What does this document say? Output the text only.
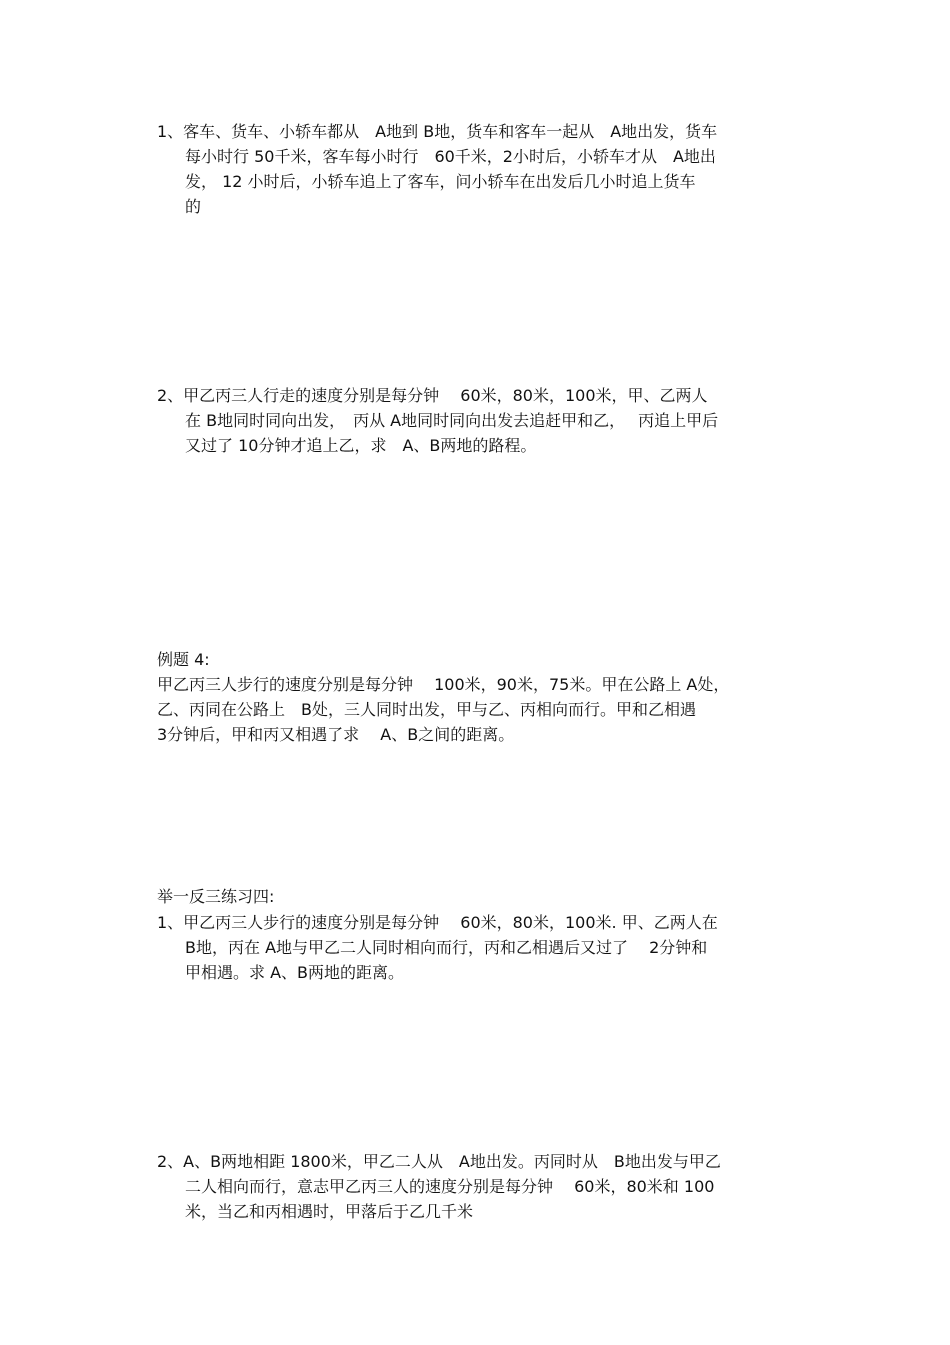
1、客车、货车、小轿车都从　A地到 B地，货车和客车一起从　A地出发，货车
每小时行 50千米，客车每小时行　60千米，2小时后，小轿车才从　A地出
发， 12 小时后，小轿车追上了客车，问小轿车在出发后几小时追上货车
的
2、甲乙丙三人行走的速度分别是每分钟　 60米，80米，100米，甲、乙两人
在 B地同时同向出发，　丙从 A地同时同向出发去追赶甲和乙，　 丙追上甲后
又过了 10分钟才追上乙，求　A、B两地的路程。
例题 4:
甲乙丙三人步行的速度分别是每分钟　 100米，90米，75米。甲在公路上 A处，
乙、丙同在公路上　B处，三人同时出发，甲与乙、丙相向而行。甲和乙相遇
3分钟后，甲和丙又相遇了求　 A、B之间的距离。
举一反三练习四:
1、甲乙丙三人步行的速度分别是每分钟　 60米，80米，100米. 甲、乙两人在
B地，丙在 A地与甲乙二人同时相向而行，丙和乙相遇后又过了　 2分钟和
甲相遇。求 A、B两地的距离。
2、A、B两地相距 1800米，甲乙二人从　A地出发。丙同时从　B地出发与甲乙
二人相向而行，意志甲乙丙三人的速度分别是每分钟　 60米，80米和 100
米，当乙和丙相遇时，甲落后于乙几千米
